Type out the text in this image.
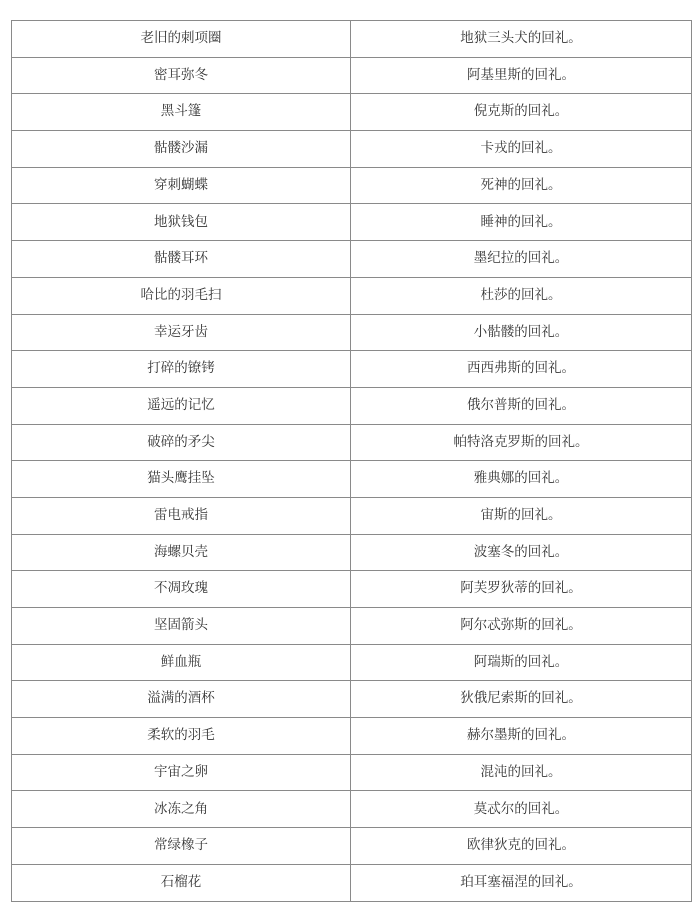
老旧的刺项圈	地狱三头犬的回礼。
密耳弥冬	阿基里斯的回礼。
黑斗篷	倪克斯的回礼。
骷髅沙漏	卡戎的回礼。
穿刺蝴蝶	死神的回礼。
地狱钱包	睡神的回礼。
骷髅耳环	墨纪拉的回礼。
哈比的羽毛扫	杜莎的回礼。
幸运牙齿	小骷髅的回礼。
打碎的镣铐	西西弗斯的回礼。
遥远的记忆	俄尔普斯的回礼。
破碎的矛尖	帕特洛克罗斯的回礼。
猫头鹰挂坠	雅典娜的回礼。
雷电戒指	宙斯的回礼。
海螺贝壳	波塞冬的回礼。
不凋玫瑰	阿芙罗狄蒂的回礼。
坚固箭头	阿尔忒弥斯的回礼。
鲜血瓶	阿瑞斯的回礼。
溢满的酒杯	狄俄尼索斯的回礼。
柔软的羽毛	赫尔墨斯的回礼。
宇宙之卵	混沌的回礼。
冰冻之角	莫忒尔的回礼。
常绿橡子	欧律狄克的回礼。
石榴花	珀耳塞福涅的回礼。
